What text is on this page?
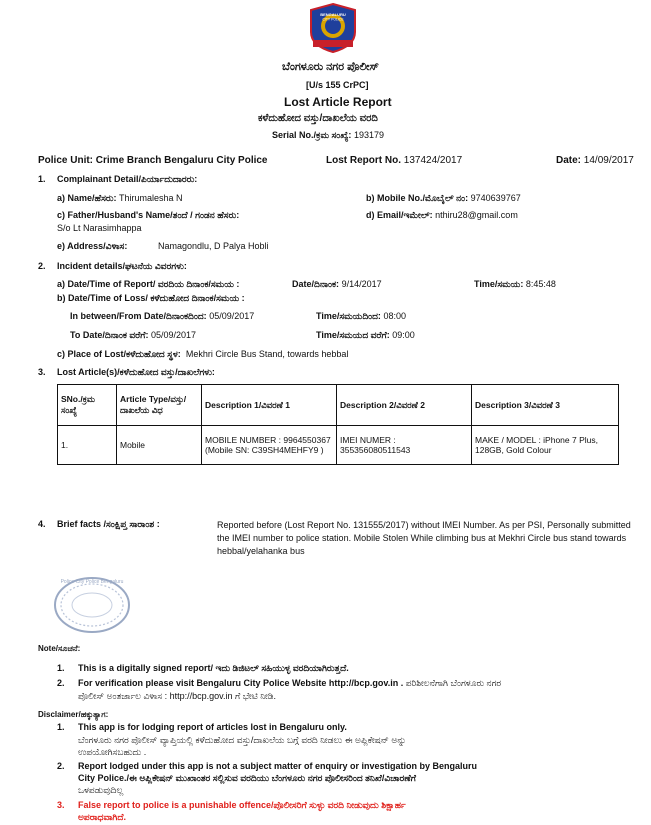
BENGALURU
CITY POLICE
ಬೆಂಗಳೂರು ನಗರ ಪೊಲೀಸ್
[U/s 155 CrPC]
Lost Article Report
ಕಳೆದುಹೋದ ವಸ್ತು/ದಾಖಲೆಯ ವರದಿ
Serial No./ಕ್ರಮ ಸಂಖ್ಯೆ: 193179
Police Unit: Crime Branch Bengaluru City Police	Lost Report No. 137424/2017	Date: 14/09/2017
1. Complainant Detail/ಪಿರ್ಯಾದುದಾರರು:
a) Name/ಹೆಸರು: Thirumalesha N	b) Mobile No./ಮೊಬೈಲ್ ನಂ: 9740639767
c) Father/Husband's Name/ತಂದೆ / ಗಂಡನ ಹೆಸರು:
S/o Lt Narasimhappa
d) Email/ಇಮೇಲ್: nthiru28@gmail.com
e) Address/ವಿಳಾಸ:	Namagondlu, D Palya Hobli
2. Incident details/ಘಟನೆಯ ವಿವರಗಳು:
a) Date/Time of Report/ ವರದಿಯ ದಿನಾಂಕ/ಸಮಯ :	Date/ದಿನಾಂಕ: 9/14/2017	Time/ಸಮಯ: 8:45:48
b) Date/Time of Loss/ ಕಳೆದುಹೋದ ದಿನಾಂಕ/ಸಮಯ :
In between/From Date/ದಿನಾಂಕದಿಂದ: 05/09/2017	Time/ಸಮಯದಿಂದ: 08:00
To Date/ದಿನಾಂಕ ವರೆಗೆ: 05/09/2017	Time/ಸಮಯದ ವರೆಗೆ: 09:00
c) Place of Lost/ಕಳೆದುಹೋದ ಸ್ಥಳ: Mekhri Circle Bus Stand, towards hebbal
3. Lost Article(s)/ಕಳೆದುಹೋದ ವಸ್ತು/ದಾಖಲೆಗಳು:
SNo./ಕ್ರಮ ಸಂಖ್ಯೆ	Article Type/ವಸ್ತು/ದಾಖಲೆಯ ವಿಧ	Description 1/ವಿವರಣೆ 1	Description 2/ವಿವರಣೆ 2	Description 3/ವಿವರಣೆ 3
1.	Mobile	MOBILE NUMBER : 9964550367 (Mobile SN: C39SH4MEHFY9 )	IMEI NUMER : 355356080511543	MAKE / MODEL : iPhone 7 Plus, 128GB, Gold Colour
4. Brief facts /ಸಂಕ್ಷಿಪ್ತ ಸಾರಾಂಶ :	Reported before (Lost Report No. 131555/2017) without IMEI Number. As per PSI, Personally submitted the IMEI number to police station. Mobile Stolen While climbing bus at Mekhri Circle bus stand towards hebbal/yelahanka bus
Police City Police Bengaluru
Note/ಸೂಚನೆ:
1. This is a digitally signed report/ ಇದು ಡಿಜಿಟಲ್ ಸಹಿಯುಳ್ಳ ವರದಿಯಾಗಿರುತ್ತದೆ.
2. For verification please visit Bengaluru City Police Website http://bcp.gov.in . ಪರಿಶೀಲನೆಗಾಗಿ ಬೆಂಗಳೂರು ನಗರ
ಪೊಲೀಸ್ ಅಂತರ್ಜಾಲ ವಿಳಾಸ : http://bcp.gov.in ಗೆ ಭೇಟಿ ನೀಡಿ.
Disclaimer/ಹಕ್ಕುತ್ಯಾಗ:
1. This app is for lodging report of articles lost in Bengaluru only.
ಬೆಂಗಳೂರು ನಗರ ಪೊಲೀಸ್ ವ್ಯಾಪ್ತಿಯಲ್ಲಿ ಕಳೆದುಹೋದ ವಸ್ತು/ದಾಖಲೆಯ ಬಗ್ಗೆ ವರದಿ ನೀಡಲು ಈ ಅಪ್ಲಿಕೇಷನ್ ಅನ್ನು
ಉಪಯೋಗಿಸಬಹುದು .
2. Report lodged under this app is not a subject matter of enquiry or investigation by Bengaluru
City Police./ಈ ಅಪ್ಲಿಕೇಷನ್ ಮುಖಾಂತರ ಸಲ್ಲಿಸುವ ವರದಿಯು ಬೆಂಗಳೂರು ನಗರ ಪೊಲೀಸರಿಂದ ತನಿಖೆ/ವಿಚಾರಣೆಗೆ
ಒಳಪಡುವುದಿಲ್ಲ
3. False report to police is a punishable offence/ಪೊಲೀಸರಿಗೆ ಸುಳ್ಳು ವರದಿ ನೀಡುವುದು ಶಿಕ್ಷಾರ್ಹ
ಅಪರಾಧವಾಗಿದೆ.
